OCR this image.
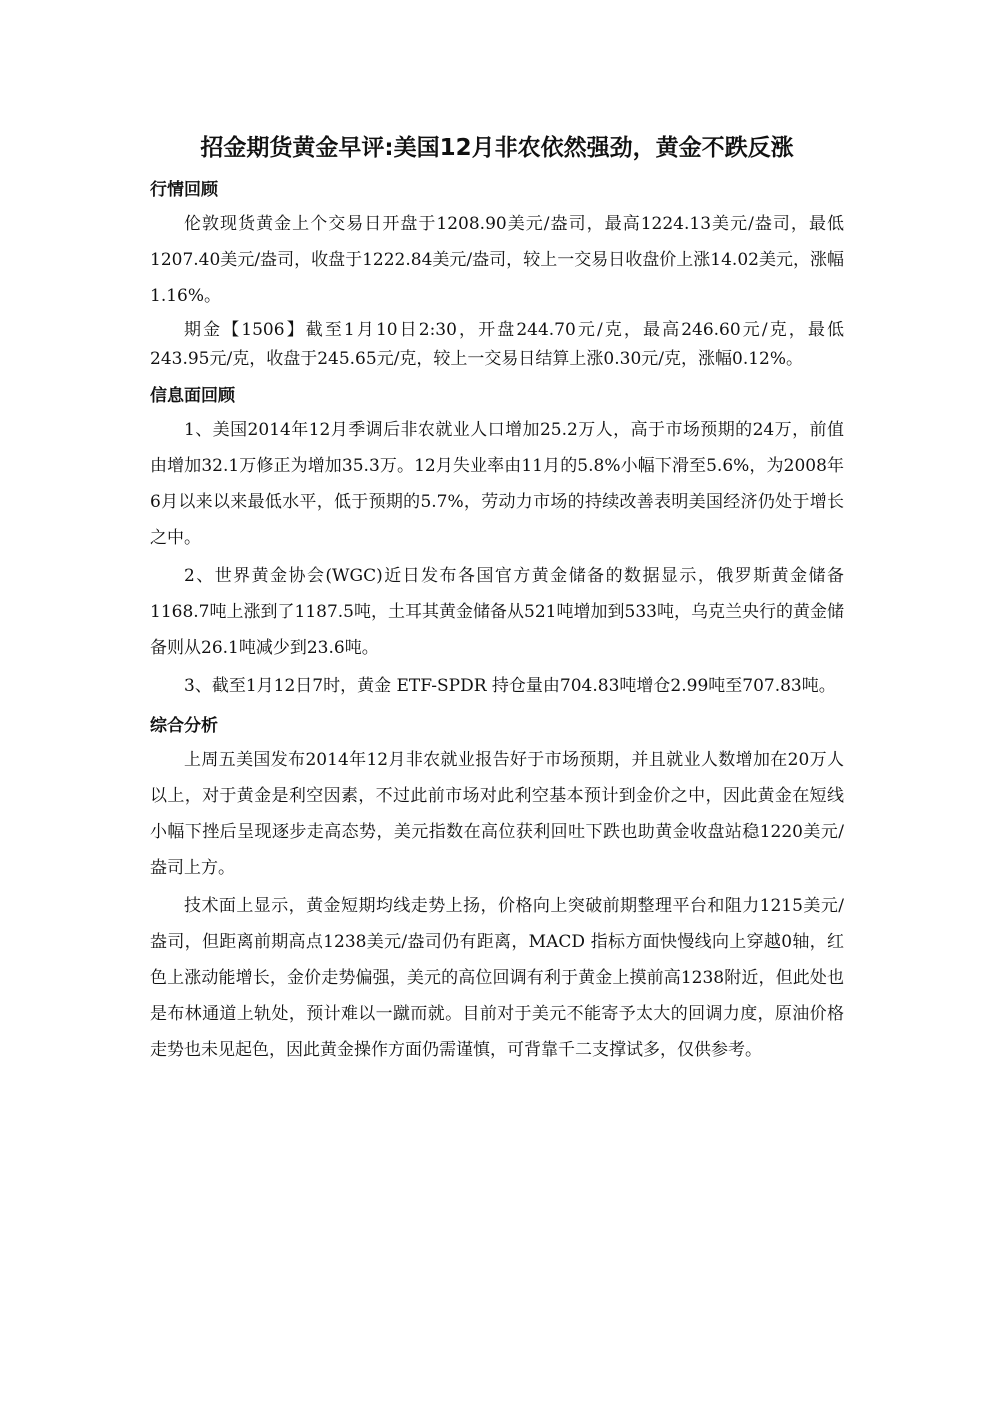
招金期货黄金早评:美国12月非农依然强劲，黄金不跌反涨
行情回顾

伦敦现货黄金上个交易日开盘于1208.90美元/盎司，最高1224.13美元/盎司，最低1207.40美元/盎司，收盘于1222.84美元/盎司，较上一交易日收盘价上涨14.02美元，涨幅1.16%。

期金【1506】截至1月10日2:30，开盘244.70元/克，最高246.60元/克，最低243.95元/克，收盘于245.65元/克，较上一交易日结算上涨0.30元/克，涨幅0.12%。

信息面回顾

1、美国2014年12月季调后非农就业人口增加25.2万人，高于市场预期的24万，前值由增加32.1万修正为增加35.3万。12月失业率由11月的5.8%小幅下滑至5.6%，为2008年6月以来以来最低水平，低于预期的5.7%，劳动力市场的持续改善表明美国经济仍处于增长之中。

2、世界黄金协会(WGC)近日发布各国官方黄金储备的数据显示，俄罗斯黄金储备1168.7吨上涨到了1187.5吨，土耳其黄金储备从521吨增加到533吨，乌克兰央行的黄金储备则从26.1吨减少到23.6吨。

3、截至1月12日7时，黄金 ETF-SPDR 持仓量由704.83吨增仓2.99吨至707.83吨。

综合分析

上周五美国发布2014年12月非农就业报告好于市场预期，并且就业人数增加在20万人以上，对于黄金是利空因素，不过此前市场对此利空基本预计到金价之中，因此黄金在短线小幅下挫后呈现逐步走高态势，美元指数在高位获利回吐下跌也助黄金收盘站稳1220美元/盎司上方。

技术面上显示，黄金短期均线走势上扬，价格向上突破前期整理平台和阻力1215美元/盎司，但距离前期高点1238美元/盎司仍有距离，MACD 指标方面快慢线向上穿越0轴，红色上涨动能增长，金价走势偏强，美元的高位回调有利于黄金上摸前高1238附近，但此处也是布林通道上轨处，预计难以一蹴而就。目前对于美元不能寄予太大的回调力度，原油价格走势也未见起色，因此黄金操作方面仍需谨慎，可背靠千二支撑试多，仅供参考。
